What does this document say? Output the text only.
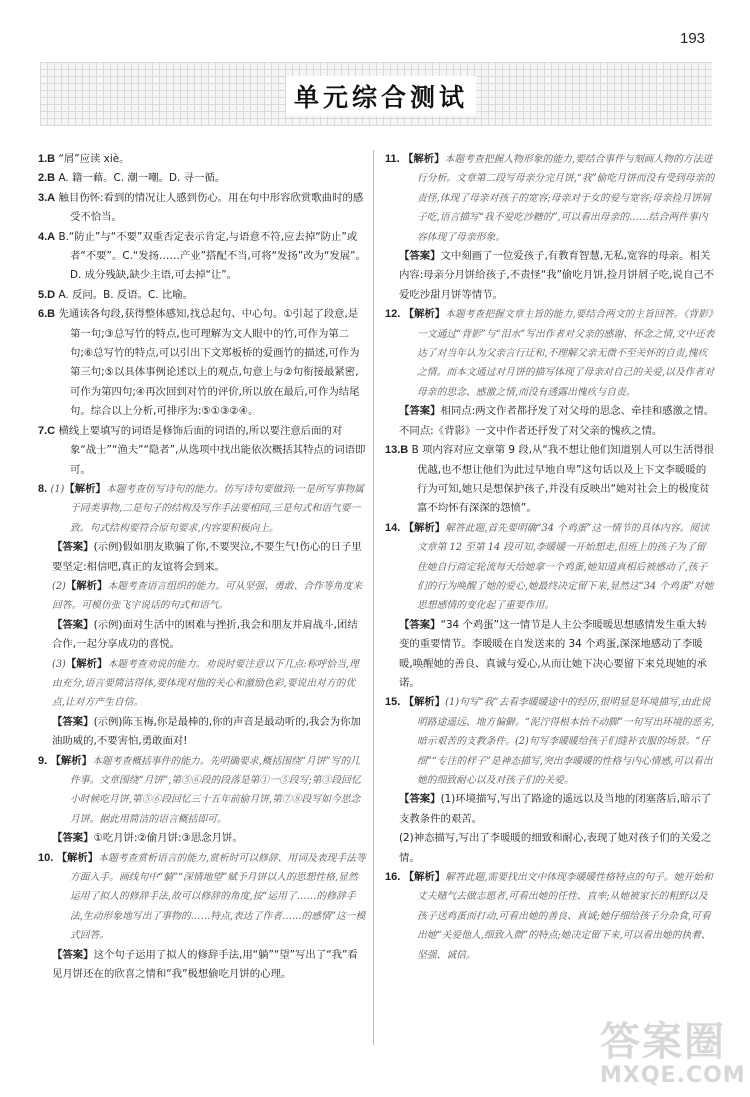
193
单元综合测试

1.B “屑”应读 xiè。

2.B A. 籍一藉。C. 潮一嘲。D. 寻一循。

3.A 触目伤怀:看到的情况让人感到伤心。用在句中形容欣赏歌曲时的感受不恰当。

4.A B.“防止”与“不要”双重否定表示肯定,与语意不符,应去掉“防止”或者“不要”。C.“发扬……产业”搭配不当,可将“发扬”改为“发展”。D. 成分残缺,缺少主语,可去掉“让”。

5.D A. 反问。B. 反语。C. 比喻。

6.B 先通读各句段,获得整体感知,找总起句、中心句。①引起了段意,是第一句;③总写竹的特点,也可理解为文人眼中的竹,可作为第二句;⑥总写竹的特点,可以引出下文郑板桥的爱画竹的描述,可作为第三句;⑤以具体事例论述以上的观点,句意上与②句衔接最紧密,可作为第四句;④再次回到对竹的评价,所以放在最后,可作为结尾句。综合以上分析,可排序为:⑤①③②④。

7.C 横线上要填写的词语是修饰后面的词语的,所以要注意后面的对象“战士”“渔夫”“隐者”,从选项中找出能依次概括其特点的词语即可。

8. (1)【解析】本题考查仿写诗句的能力。仿写诗句要做到:一是所写事物属于同类事物,二是句子的结构及写作手法要相同,三是句式和语气要一致。句式结构要符合原句要求,内容要积极向上。

【答案】(示例)假如朋友欺骗了你,不要哭泣,不要生气!伤心的日子里要坚定:相信吧,真正的友谊将会到来。

(2)【解析】本题考查语言组织的能力。可从坚强、勇敢、合作等角度来回答。可模仿张飞宇说话的句式和语气。

【答案】(示例)面对生活中的困难与挫折,我会和朋友并肩战斗,团结合作,一起分享成功的喜悦。

(3)【解析】本题考查劝说的能力。劝说时要注意以下几点:称呼恰当,理由充分,语言要简洁得体,要体现对他的关心和激励色彩,要说出对方的优点,让对方产生自信。

【答案】(示例)陈玉梅,你是最棒的,你的声音是最动听的,我会为你加油助威的,不要害怕,勇敢面对!

9. 【解析】本题考查概括事件的能力。先明确要求,概括围绕“月饼”写的几件事。文章围绕“月饼”,第⑤⑥段的段落是第①一⑤段写;第③段回忆小时候吃月饼,第⑤⑥段回忆三十五年前偷月饼,第⑦⑧段写如今思念月饼。据此用简洁的语言概括即可。

【答案】①吃月饼:②偷月饼:③思念月饼。

10. 【解析】本题考查赏析语言的能力,赏析时可以修辞、用词及表现手法等方面入手。画线句中“躺”“深情地望”赋予月饼以人的思想性格,显然运用了拟人的修辞手法,故可以修辞的角度,按“运用了……的修辞手法,生动形象地写出了事物的……特点,表达了作者……的感情”这一模式回答。

【答案】这个句子运用了拟人的修辞手法,用“躺”“望”写出了“我”看见月饼还在的欣喜之情和“我”极想偷吃月饼的心理。

11. 【解析】本题考查把握人物形象的能力,要结合事件与刻画人物的方法进行分析。文章第二段写母亲分完月饼,“我”偷吃月饼而没有受到母亲的责怪,体现了母亲对孩子的宽容;母亲对于女的爱与宽容;母亲捡月饼屑子吃,语言描写“我不爱吃沙糖的”,可以看出母亲的……结合两件事内容体现了母亲形象。

【答案】文中刻画了一位爱孩子,有教育智慧,无私,宽容的母亲。相关内容:母亲分月饼给孩子,不责怪“我”偷吃月饼,捡月饼屑子吃,说自己不爱吃沙甜月饼等情节。

12. 【解析】本题考查把握文章主旨的能力,要结合两文的主旨回答。《背影》一文通过“背影”与“泪水”写出作者对父亲的感谢、怀念之情,文中还表达了对当年认为父亲言行迂和,不理解父亲无微不至关怀的自责,愧疚之情。而本文通过对月饼的描写体现了母亲对自己的关爱,以及作者对母亲的思念、感激之情,而没有透露出愧疚与自责。

【答案】相同点:两文作者都抒发了对父母的思念、牵挂和感激之情。

不同点:《背影》一文中作者还抒发了对父亲的愧疚之情。

13.B B 项内容对应文章第 9 段,从“我不想让他们知道别人可以生活得很优越,也不想让他们为此过早地自卑”这句话以及上下文李暖暖的行为可知,她只是想保护孩子,并没有反映出“她对社会上的极度贫富不均怀有深深的怨愤”。

14. 【解析】解答此题,首先要明确“34 个鸡蛋”这一情节的具体内容。阅读文章第 12 至第 14 段可知,李暖暖一开始想走,但班上的孩子为了留住她自行商定轮流每天给她拿一个鸡蛋,她知道真相后被感动了,孩子们的行为唤醒了她的爱心,她最终决定留下来,显然这“34 个鸡蛋”对她思想感情的变化起了重要作用。

【答案】“34 个鸡蛋”这一情节是人主公李暖暖思想感情发生重大转变的重要情节。李暖暖在自发送来的 34 个鸡蛋,深深地感动了李暖暖,唤醒她的善良、真诚与爱心,从而让她下决心要留下来兑现她的承诺。

15. 【解析】(1)句写“我”去看李暖暖途中的经历,很明显是环境描写,由此说明路途遥远、地方偏僻。“泥泞得根本抬不动脚”一句写出环境的恶劣,暗示艰苦的支教条件。(2)句写李暖暖给孩子们缝补衣服的场景。“仔细”“专注的样子”是神态描写,突出李暖暖的性格与内心情感,可以看出她的细致耐心以及对孩子们的关爱。

【答案】(1)环境描写,写出了路途的遥远以及当地的闭塞落后,暗示了支教条件的艰苦。

(2)神态描写,写出了李暖暖的细致和耐心,表现了她对孩子们的关爱之情。

16. 【解析】解答此题,需要找出文中体现李暖暖性格特点的句子。她开始和丈夫赌气去做志愿者,可看出她的任性、直率;从她被家长的粗野以及孩子送鸡蛋而打动,可看出她的善良、真诚;她仔细给孩子分杂食,可看出她“关爱他人,细致入微”的特点;她决定留下来,可以看出她的执着、坚强、诚信。

答案圈
MXQE.COM
